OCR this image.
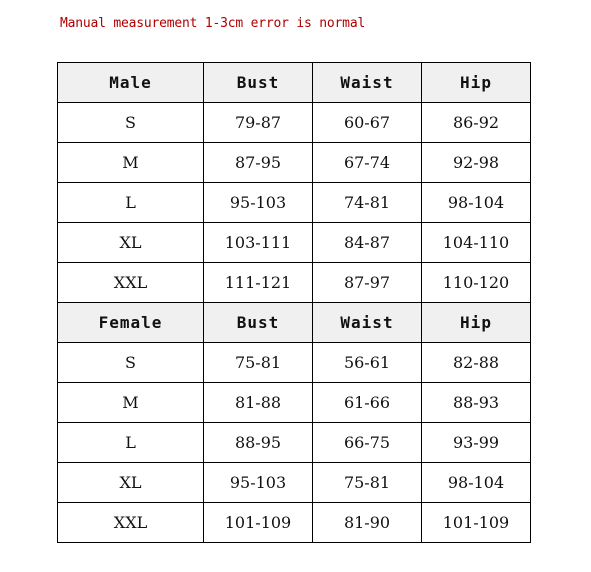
Manual measurement 1-3cm error is normal
Male	Bust	Waist	Hip
S	79-87	60-67	86-92
M	87-95	67-74	92-98
L	95-103	74-81	98-104
XL	103-111	84-87	104-110
XXL	111-121	87-97	110-120
Female	Bust	Waist	Hip
S	75-81	56-61	82-88
M	81-88	61-66	88-93
L	88-95	66-75	93-99
XL	95-103	75-81	98-104
XXL	101-109	81-90	101-109
